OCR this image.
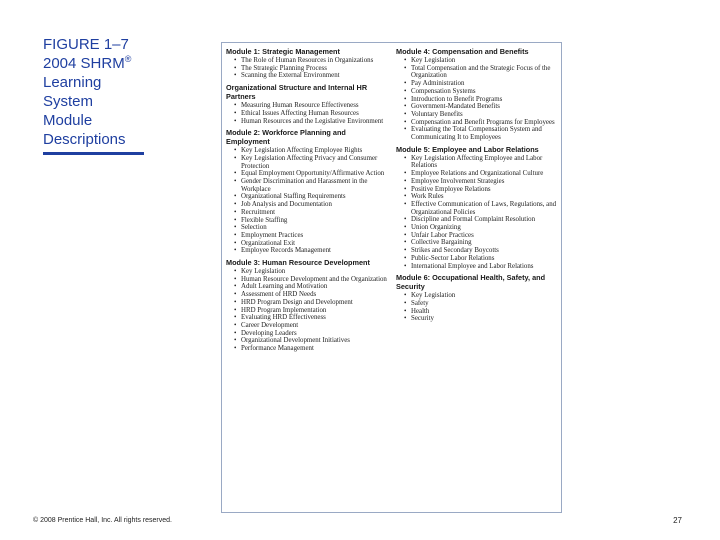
FIGURE 1–7
2004 SHRM®
Learning
System
Module
Descriptions
Module 1: Strategic Management
• The Role of Human Resources in Organizations
• The Strategic Planning Process
• Scanning the External Environment
Organizational Structure and Internal HR Partners
• Measuring Human Resource Effectiveness
• Ethical Issues Affecting Human Resources
• Human Resources and the Legislative Environment
Module 2: Workforce Planning and Employment
• Key Legislation Affecting Employee Rights
• Key Legislation Affecting Privacy and Consumer Protection
• Equal Employment Opportunity/Affirmative Action
• Gender Discrimination and Harassment in the Workplace
• Organizational Staffing Requirements
• Job Analysis and Documentation
• Recruitment
• Flexible Staffing
• Selection
• Employment Practices
• Organizational Exit
• Employee Records Management
Module 3: Human Resource Development
• Key Legislation
• Human Resource Development and the Organization
• Adult Learning and Motivation
• Assessment of HRD Needs
• HRD Program Design and Development
• HRD Program Implementation
• Evaluating HRD Effectiveness
• Career Development
• Developing Leaders
• Organizational Development Initiatives
• Performance Management
Module 4: Compensation and Benefits
• Key Legislation
• Total Compensation and the Strategic Focus of the Organization
• Pay Administration
• Compensation Systems
• Introduction to Benefit Programs
• Government-Mandated Benefits
• Voluntary Benefits
• Compensation and Benefit Programs for Employees
• Evaluating the Total Compensation System and Communicating It to Employees
Module 5: Employee and Labor Relations
• Key Legislation Affecting Employee and Labor Relations
• Employee Relations and Organizational Culture
• Employee Involvement Strategies
• Positive Employee Relations
• Work Rules
• Effective Communication of Laws, Regulations, and Organizational Policies
• Discipline and Formal Complaint Resolution
• Union Organizing
• Unfair Labor Practices
• Collective Bargaining
• Strikes and Secondary Boycotts
• Public-Sector Labor Relations
• International Employee and Labor Relations
Module 6: Occupational Health, Safety, and Security
• Key Legislation
• Safety
• Health
• Security
© 2008 Prentice Hall, Inc. All rights reserved.	27
